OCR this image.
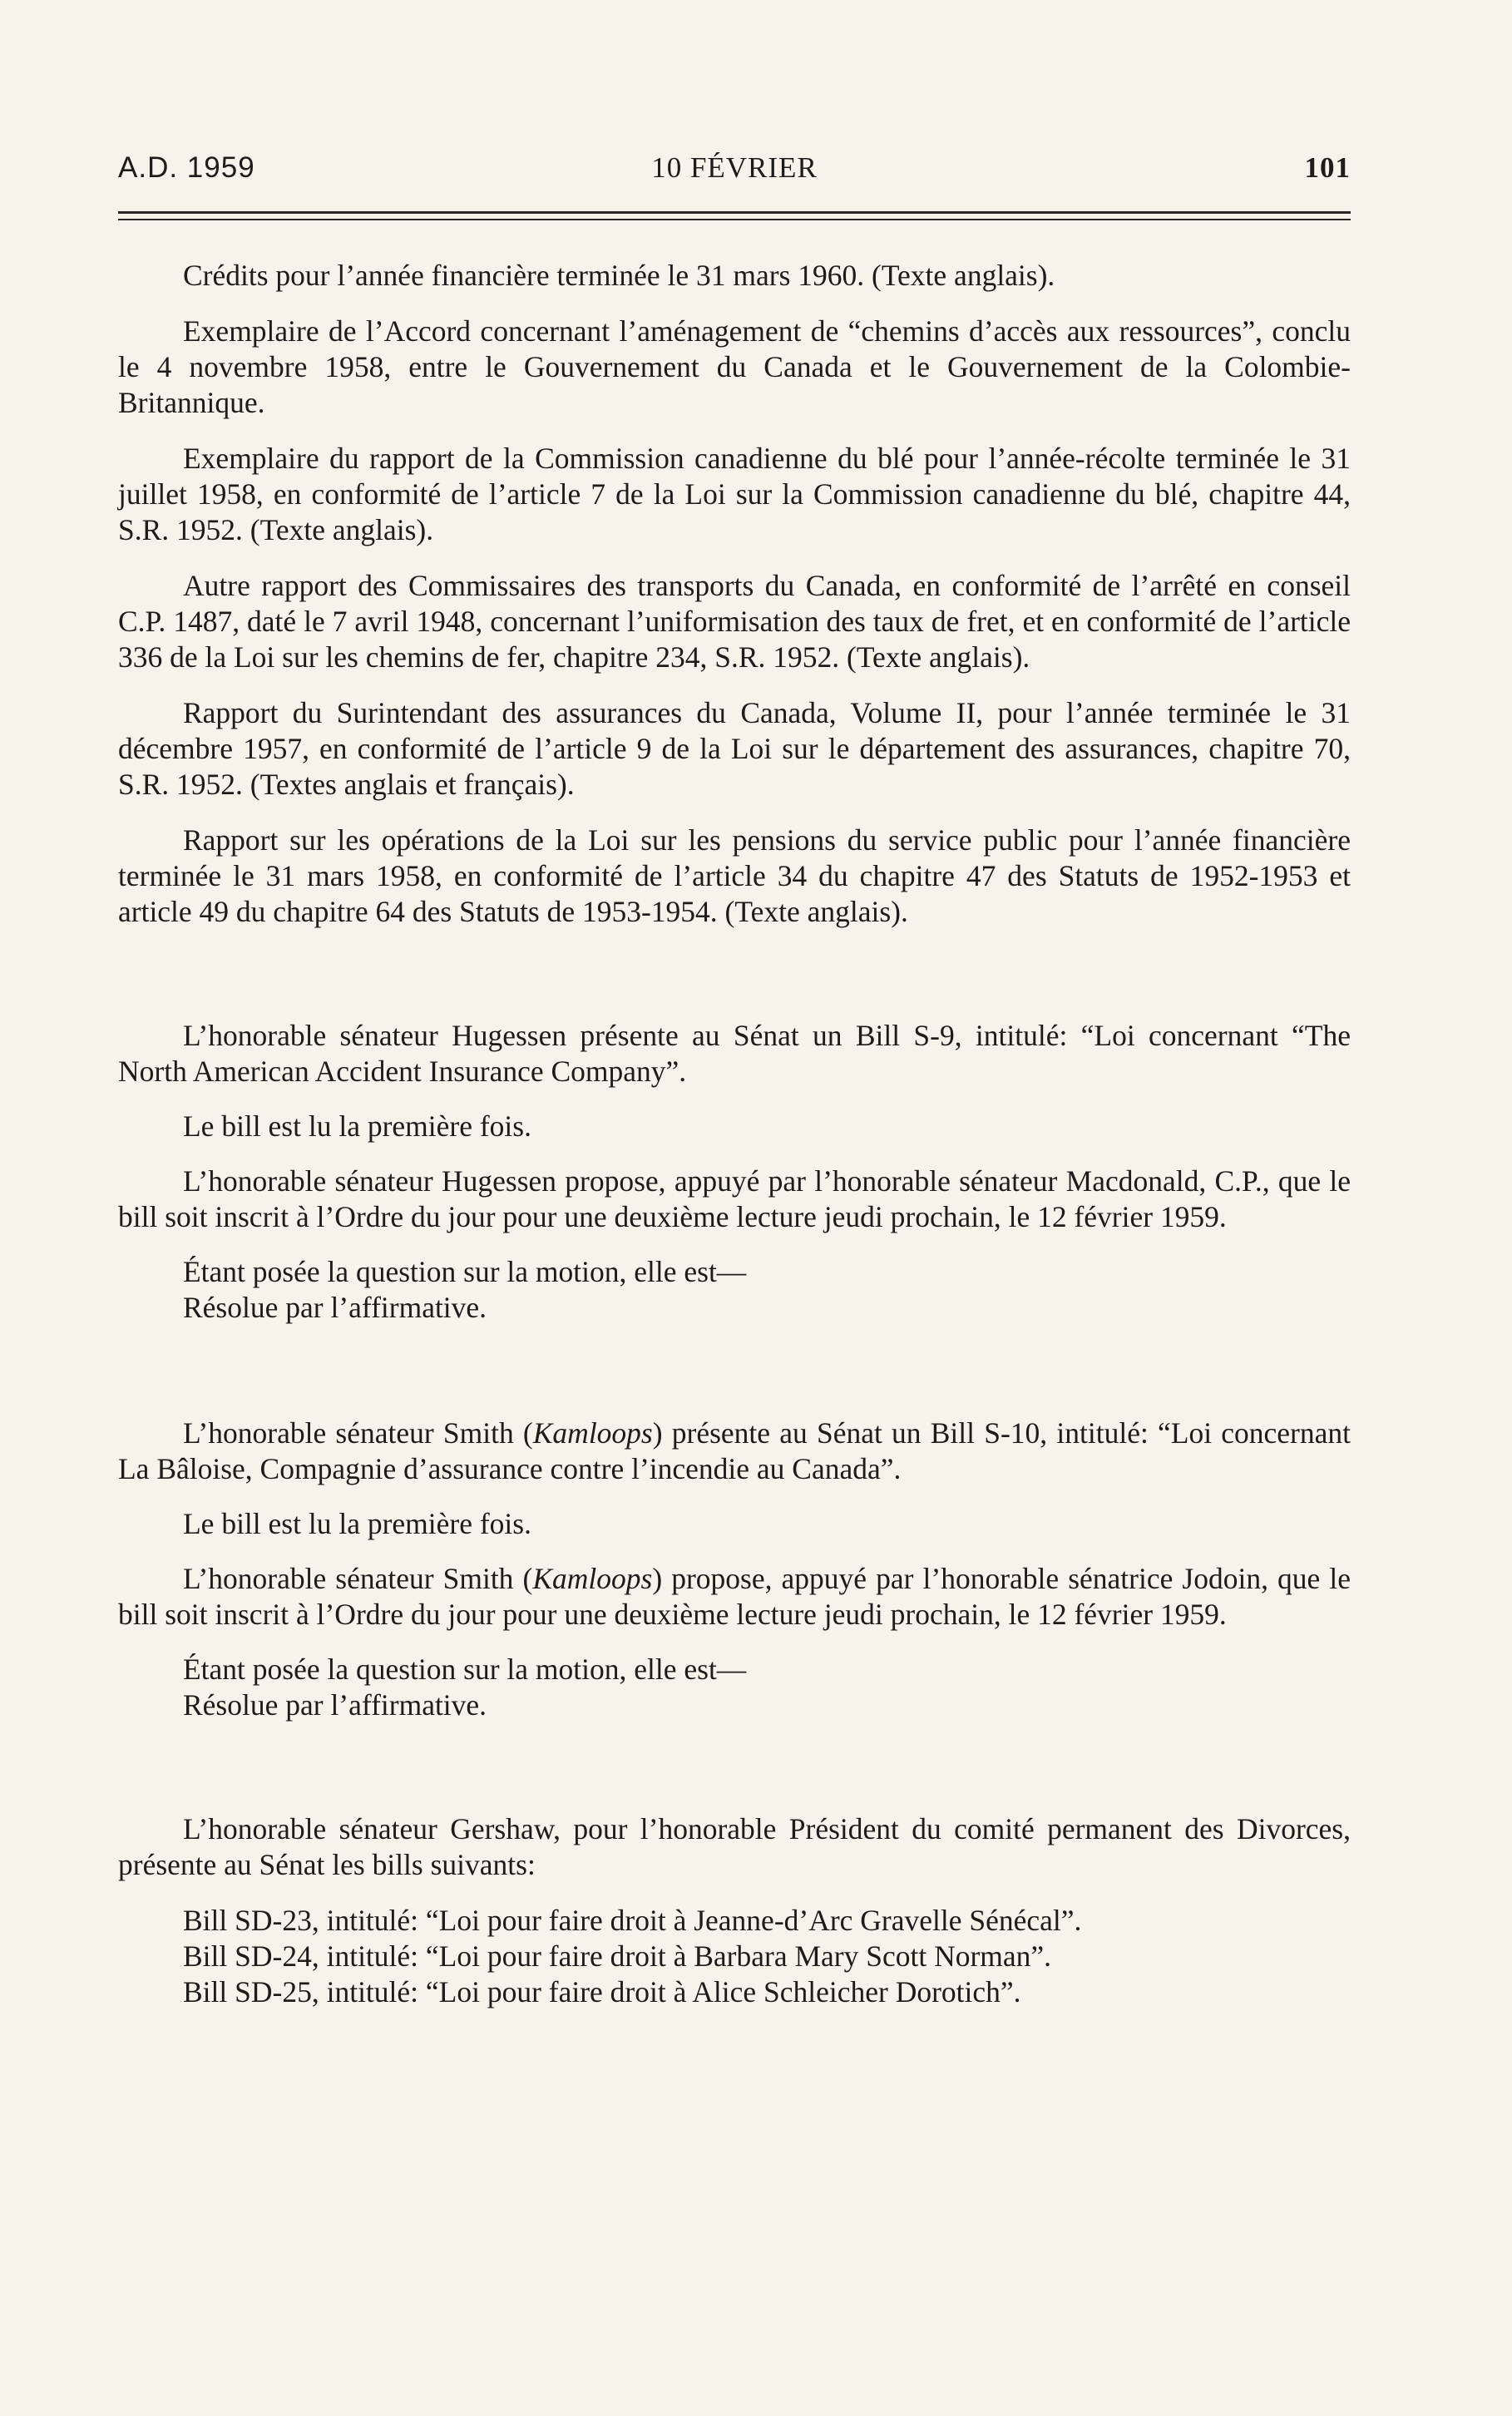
A.D. 1959	10 FÉVRIER	101

Crédits pour l’année financière terminée le 31 mars 1960. (Texte anglais).

Exemplaire de l’Accord concernant l’aménagement de “chemins d’accès aux ressources”, conclu le 4 novembre 1958, entre le Gouvernement du Canada et le Gouvernement de la Colombie-Britannique.

Exemplaire du rapport de la Commission canadienne du blé pour l’année-récolte terminée le 31 juillet 1958, en conformité de l’article 7 de la Loi sur la Commission canadienne du blé, chapitre 44, S.R. 1952. (Texte anglais).

Autre rapport des Commissaires des transports du Canada, en conformité de l’arrêté en conseil C.P. 1487, daté le 7 avril 1948, concernant l’uniformisation des taux de fret, et en conformité de l’article 336 de la Loi sur les chemins de fer, chapitre 234, S.R. 1952. (Texte anglais).

Rapport du Surintendant des assurances du Canada, Volume II, pour l’année terminée le 31 décembre 1957, en conformité de l’article 9 de la Loi sur le département des assurances, chapitre 70, S.R. 1952. (Textes anglais et français).

Rapport sur les opérations de la Loi sur les pensions du service public pour l’année financière terminée le 31 mars 1958, en conformité de l’article 34 du chapitre 47 des Statuts de 1952-1953 et article 49 du chapitre 64 des Statuts de 1953-1954. (Texte anglais).

L’honorable sénateur Hugessen présente au Sénat un Bill S-9, intitulé: “Loi concernant “The North American Accident Insurance Company”.

Le bill est lu la première fois.

L’honorable sénateur Hugessen propose, appuyé par l’honorable sénateur Macdonald, C.P., que le bill soit inscrit à l’Ordre du jour pour une deuxième lecture jeudi prochain, le 12 février 1959.

Étant posée la question sur la motion, elle est—

Résolue par l’affirmative.

L’honorable sénateur Smith (Kamloops) présente au Sénat un Bill S-10, intitulé: “Loi concernant La Bâloise, Compagnie d’assurance contre l’incendie au Canada”.

Le bill est lu la première fois.

L’honorable sénateur Smith (Kamloops) propose, appuyé par l’honorable sénatrice Jodoin, que le bill soit inscrit à l’Ordre du jour pour une deuxième lecture jeudi prochain, le 12 février 1959.

Étant posée la question sur la motion, elle est—

Résolue par l’affirmative.

L’honorable sénateur Gershaw, pour l’honorable Président du comité permanent des Divorces, présente au Sénat les bills suivants:

Bill SD-23, intitulé: “Loi pour faire droit à Jeanne-d’Arc Gravelle Sénécal”.

Bill SD-24, intitulé: “Loi pour faire droit à Barbara Mary Scott Norman”.

Bill SD-25, intitulé: “Loi pour faire droit à Alice Schleicher Dorotich”.
